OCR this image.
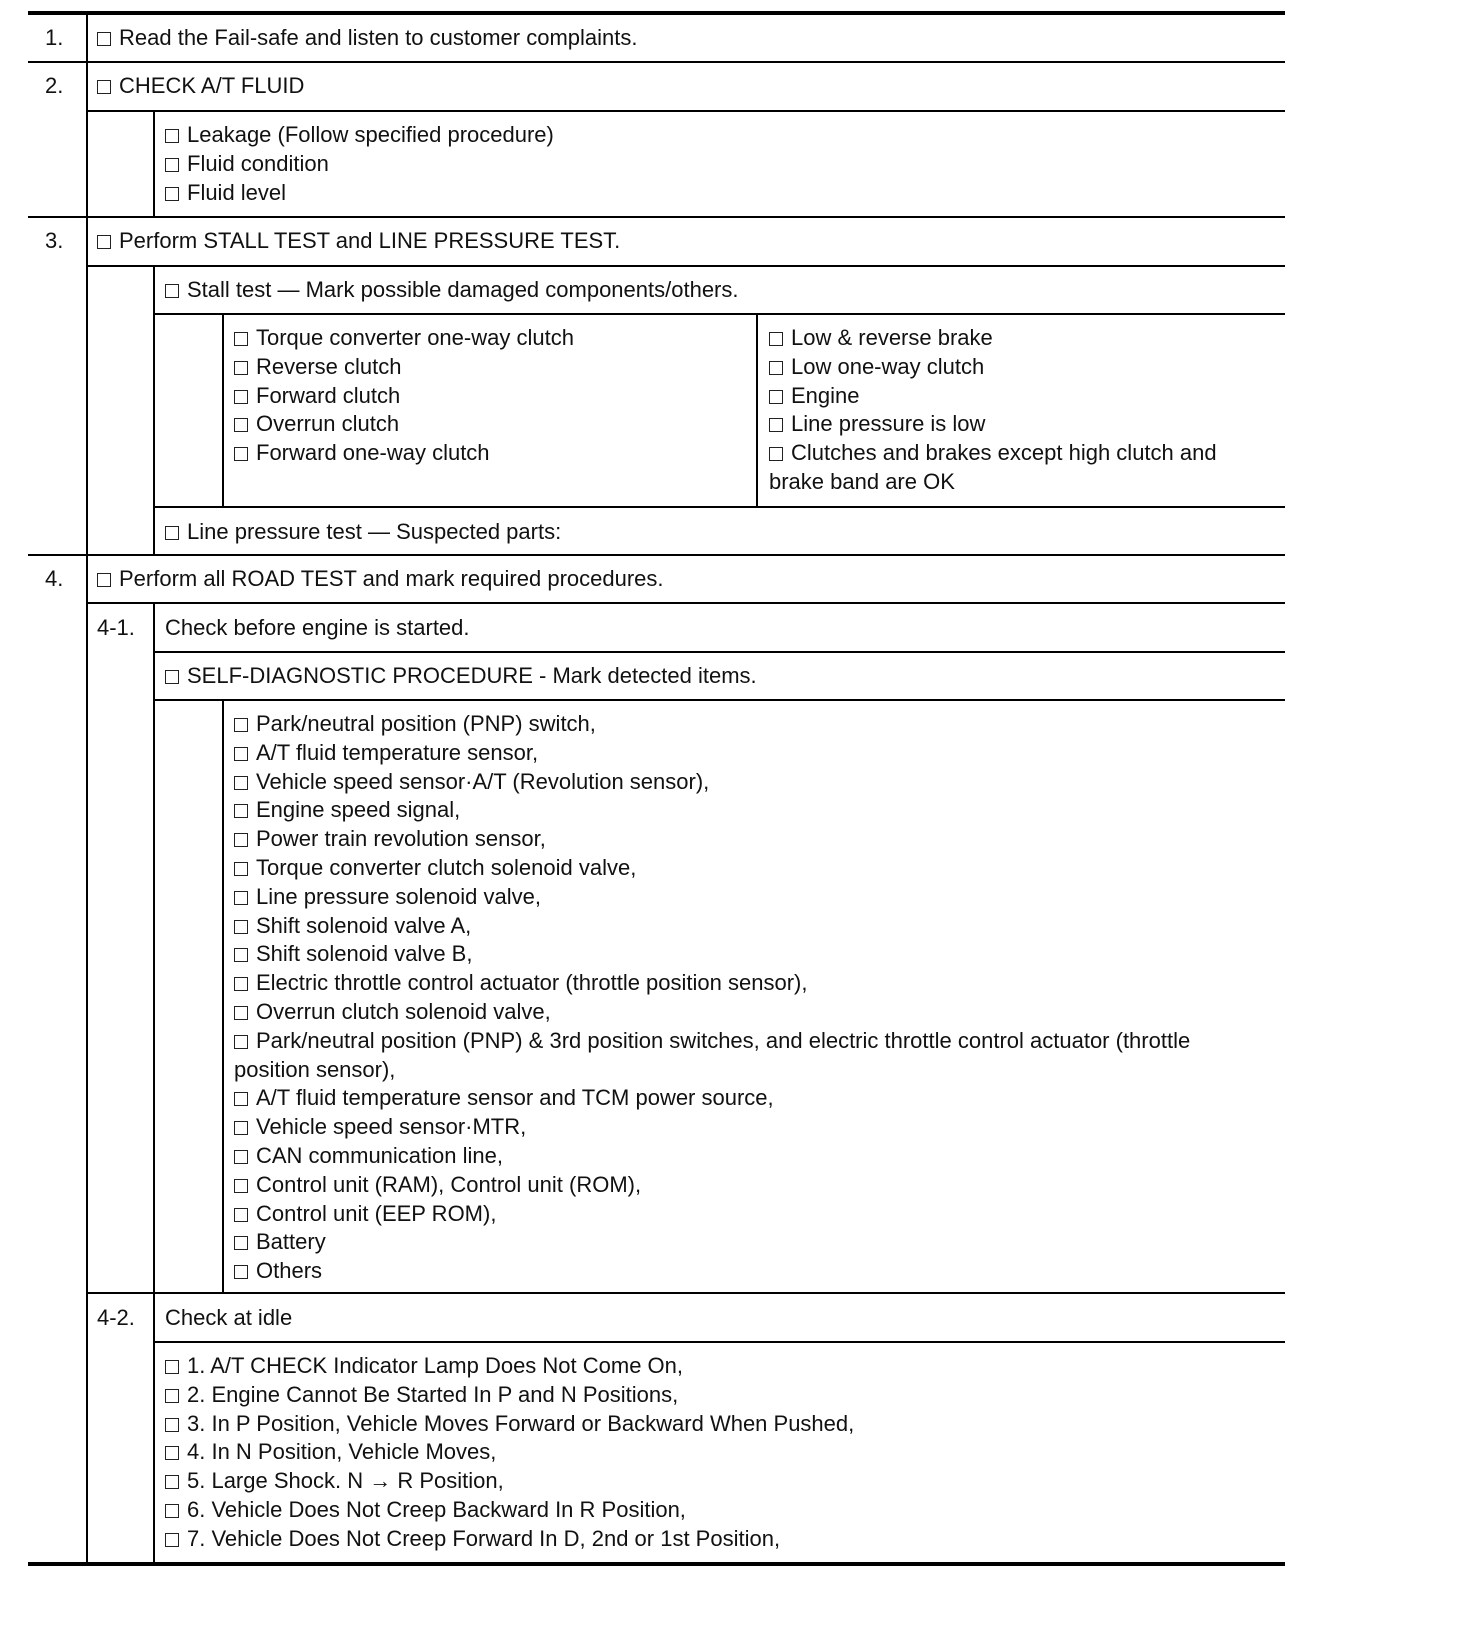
1.	Read the Fail-safe and listen to customer complaints.
2.	CHECK A/T FLUID
Leakage (Follow specified procedure)
Fluid condition
Fluid level
3.	Perform STALL TEST and LINE PRESSURE TEST.
Stall test — Mark possible damaged components/others.
Torque converter one-way clutch
Reverse clutch
Forward clutch
Overrun clutch
Forward one-way clutch
Low & reverse brake
Low one-way clutch
Engine
Line pressure is low
Clutches and brakes except high clutch and
brake band are OK
Line pressure test — Suspected parts:
4.	Perform all ROAD TEST and mark required procedures.
4-1. Check before engine is started.
SELF-DIAGNOSTIC PROCEDURE - Mark detected items.
Park/neutral position (PNP) switch,
A/T fluid temperature sensor,
Vehicle speed sensor·A/T (Revolution sensor),
Engine speed signal,
Power train revolution sensor,
Torque converter clutch solenoid valve,
Line pressure solenoid valve,
Shift solenoid valve A,
Shift solenoid valve B,
Electric throttle control actuator (throttle position sensor),
Overrun clutch solenoid valve,
Park/neutral position (PNP) & 3rd position switches, and electric throttle control actuator (throttle
position sensor),
A/T fluid temperature sensor and TCM power source,
Vehicle speed sensor·MTR,
CAN communication line,
Control unit (RAM), Control unit (ROM),
Control unit (EEP ROM),
Battery
Others
4-2. Check at idle
1. A/T CHECK Indicator Lamp Does Not Come On,
2. Engine Cannot Be Started In P and N Positions,
3. In P Position, Vehicle Moves Forward or Backward When Pushed,
4. In N Position, Vehicle Moves,
5. Large Shock. N → R Position,
6. Vehicle Does Not Creep Backward In R Position,
7. Vehicle Does Not Creep Forward In D, 2nd or 1st Position,
